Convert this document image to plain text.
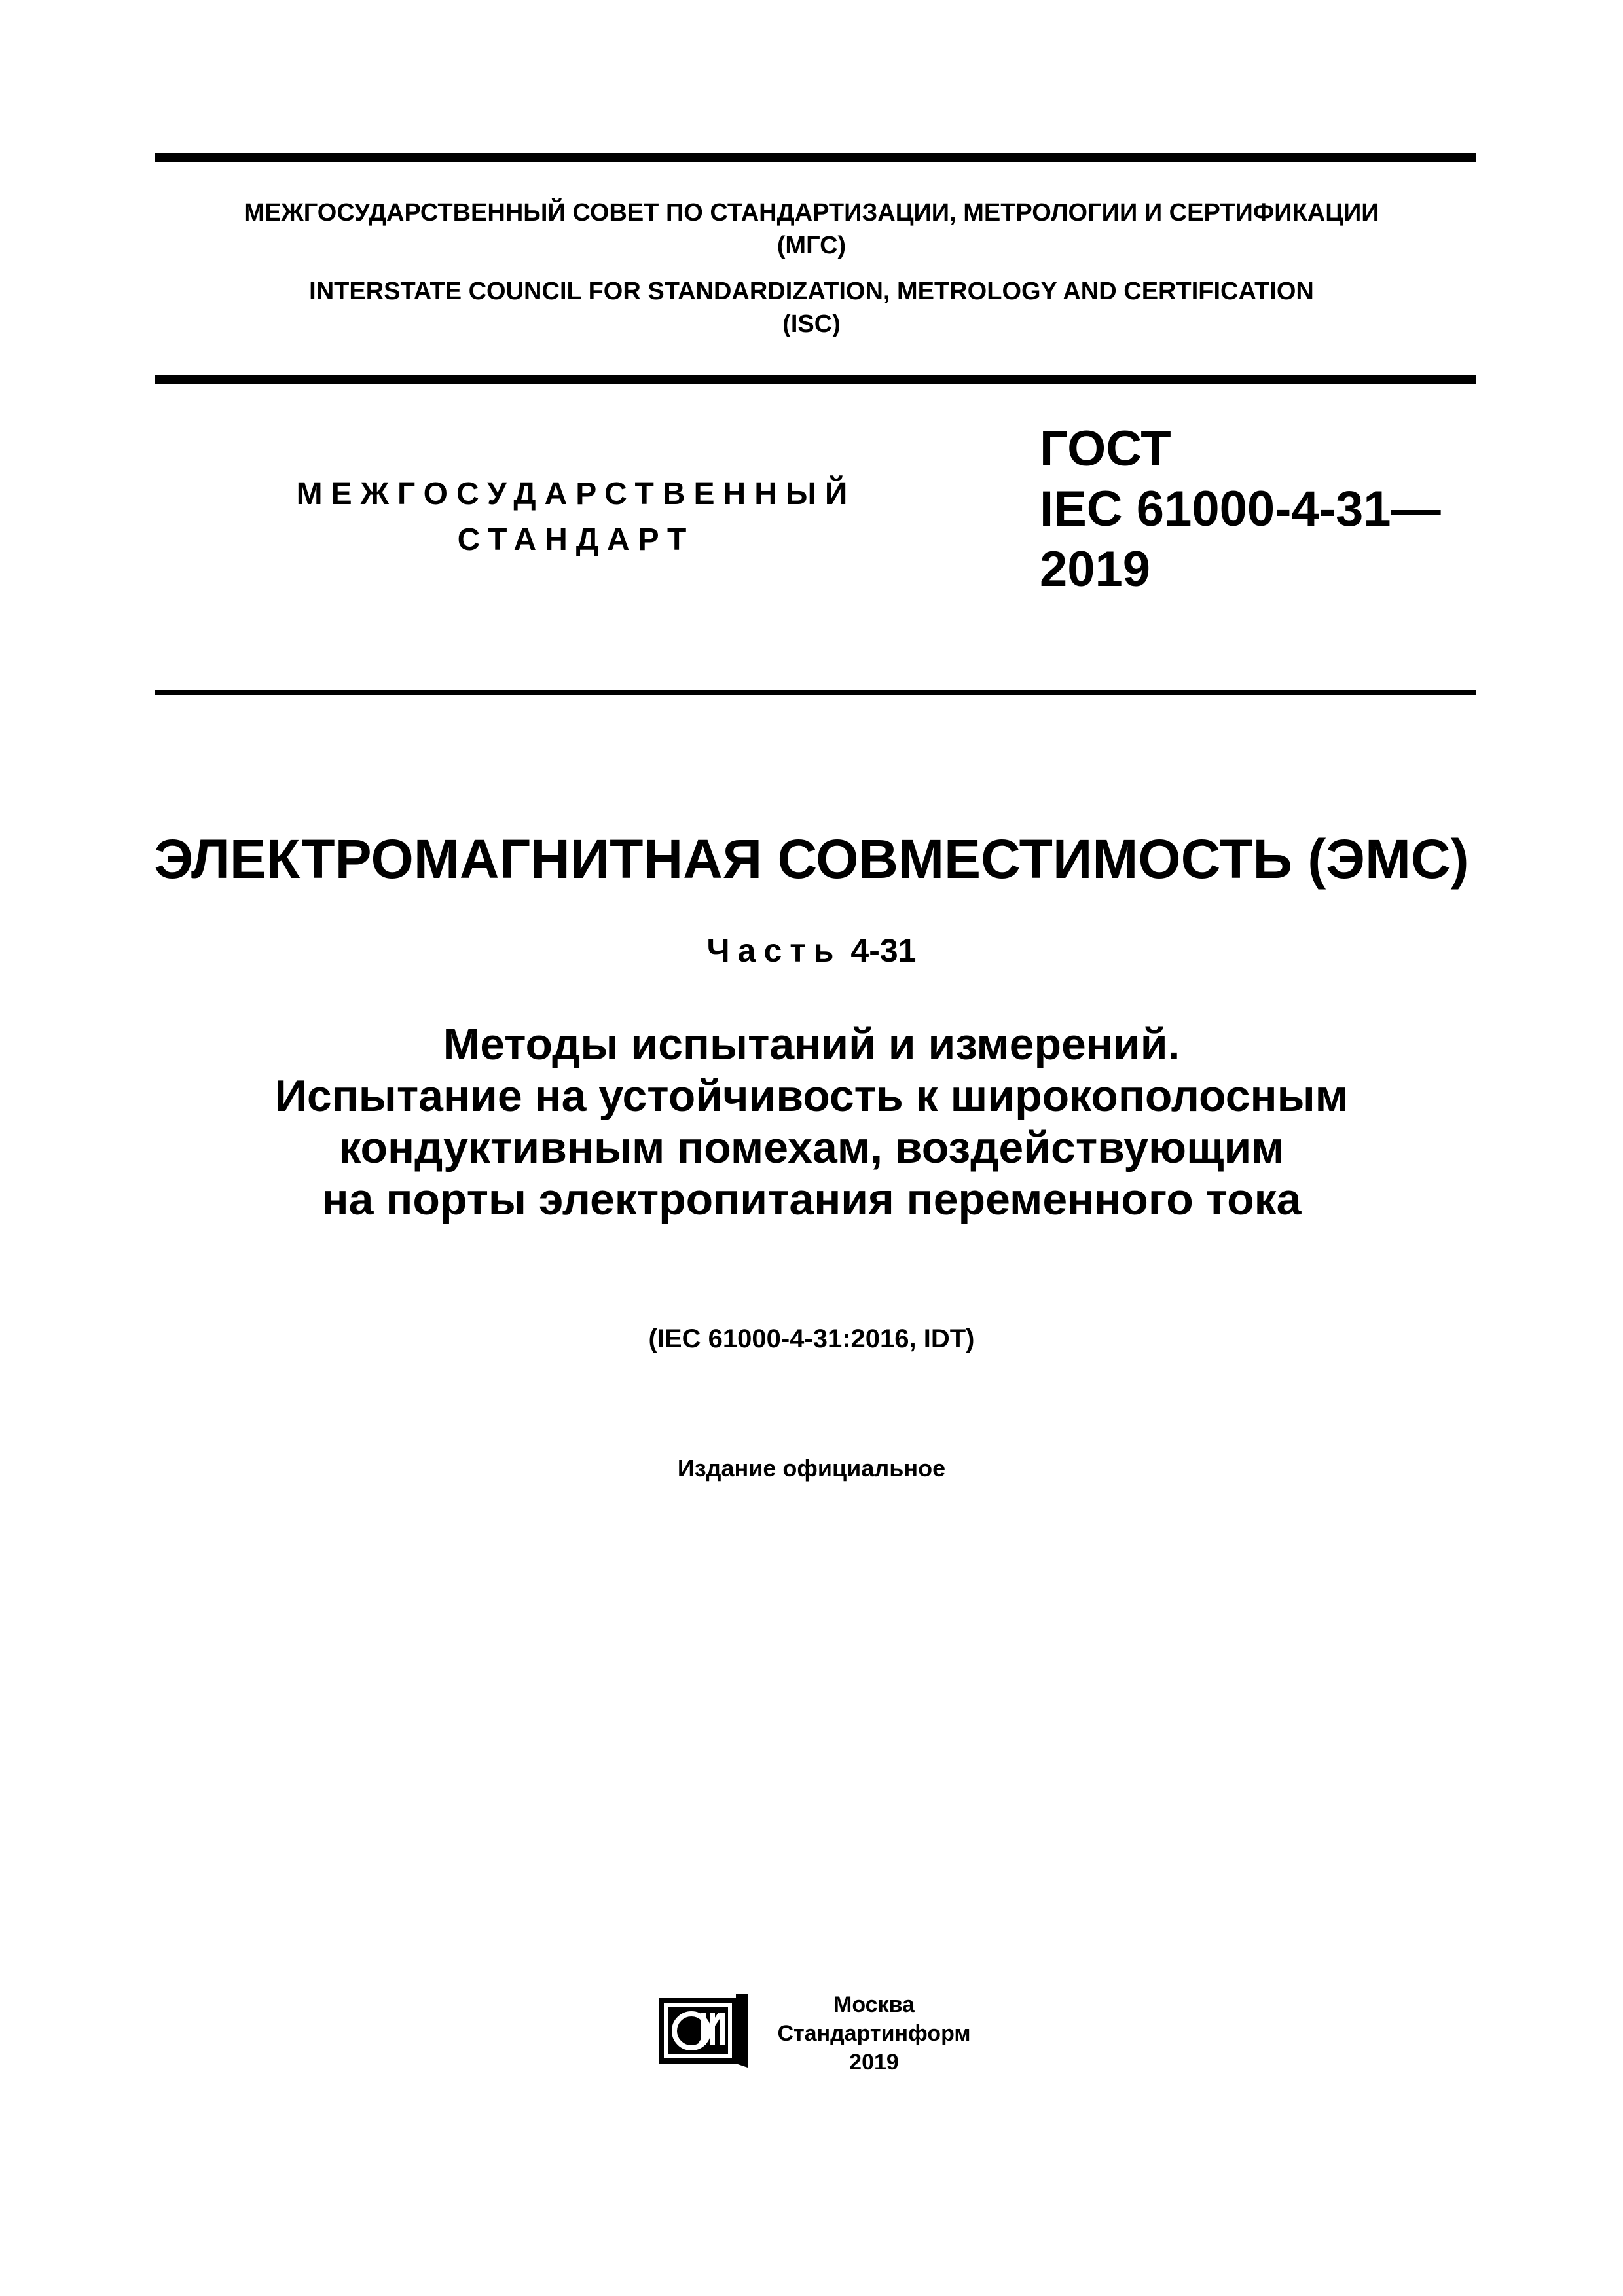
МЕЖГОСУДАРСТВЕННЫЙ СОВЕТ ПО СТАНДАРТИЗАЦИИ, МЕТРОЛОГИИ И СЕРТИФИКАЦИИ
(МГС)
INTERSTATE COUNCIL FOR STANDARDIZATION, METROLOGY AND CERTIFICATION
(ISC)
МЕЖГОСУДАРСТВЕННЫЙ
СТАНДАРТ
ГОСТ
IEC 61000-4-31—
2019
ЭЛЕКТРОМАГНИТНАЯ СОВМЕСТИМОСТЬ (ЭМС)
Часть 4-31
Методы испытаний и измерений.
Испытание на устойчивость к широкополосным
кондуктивным помехам, воздействующим
на порты электропитания переменного тока
(IEC 61000-4-31:2016, IDT)
Издание официальное
Москва
Стандартинформ
2019
